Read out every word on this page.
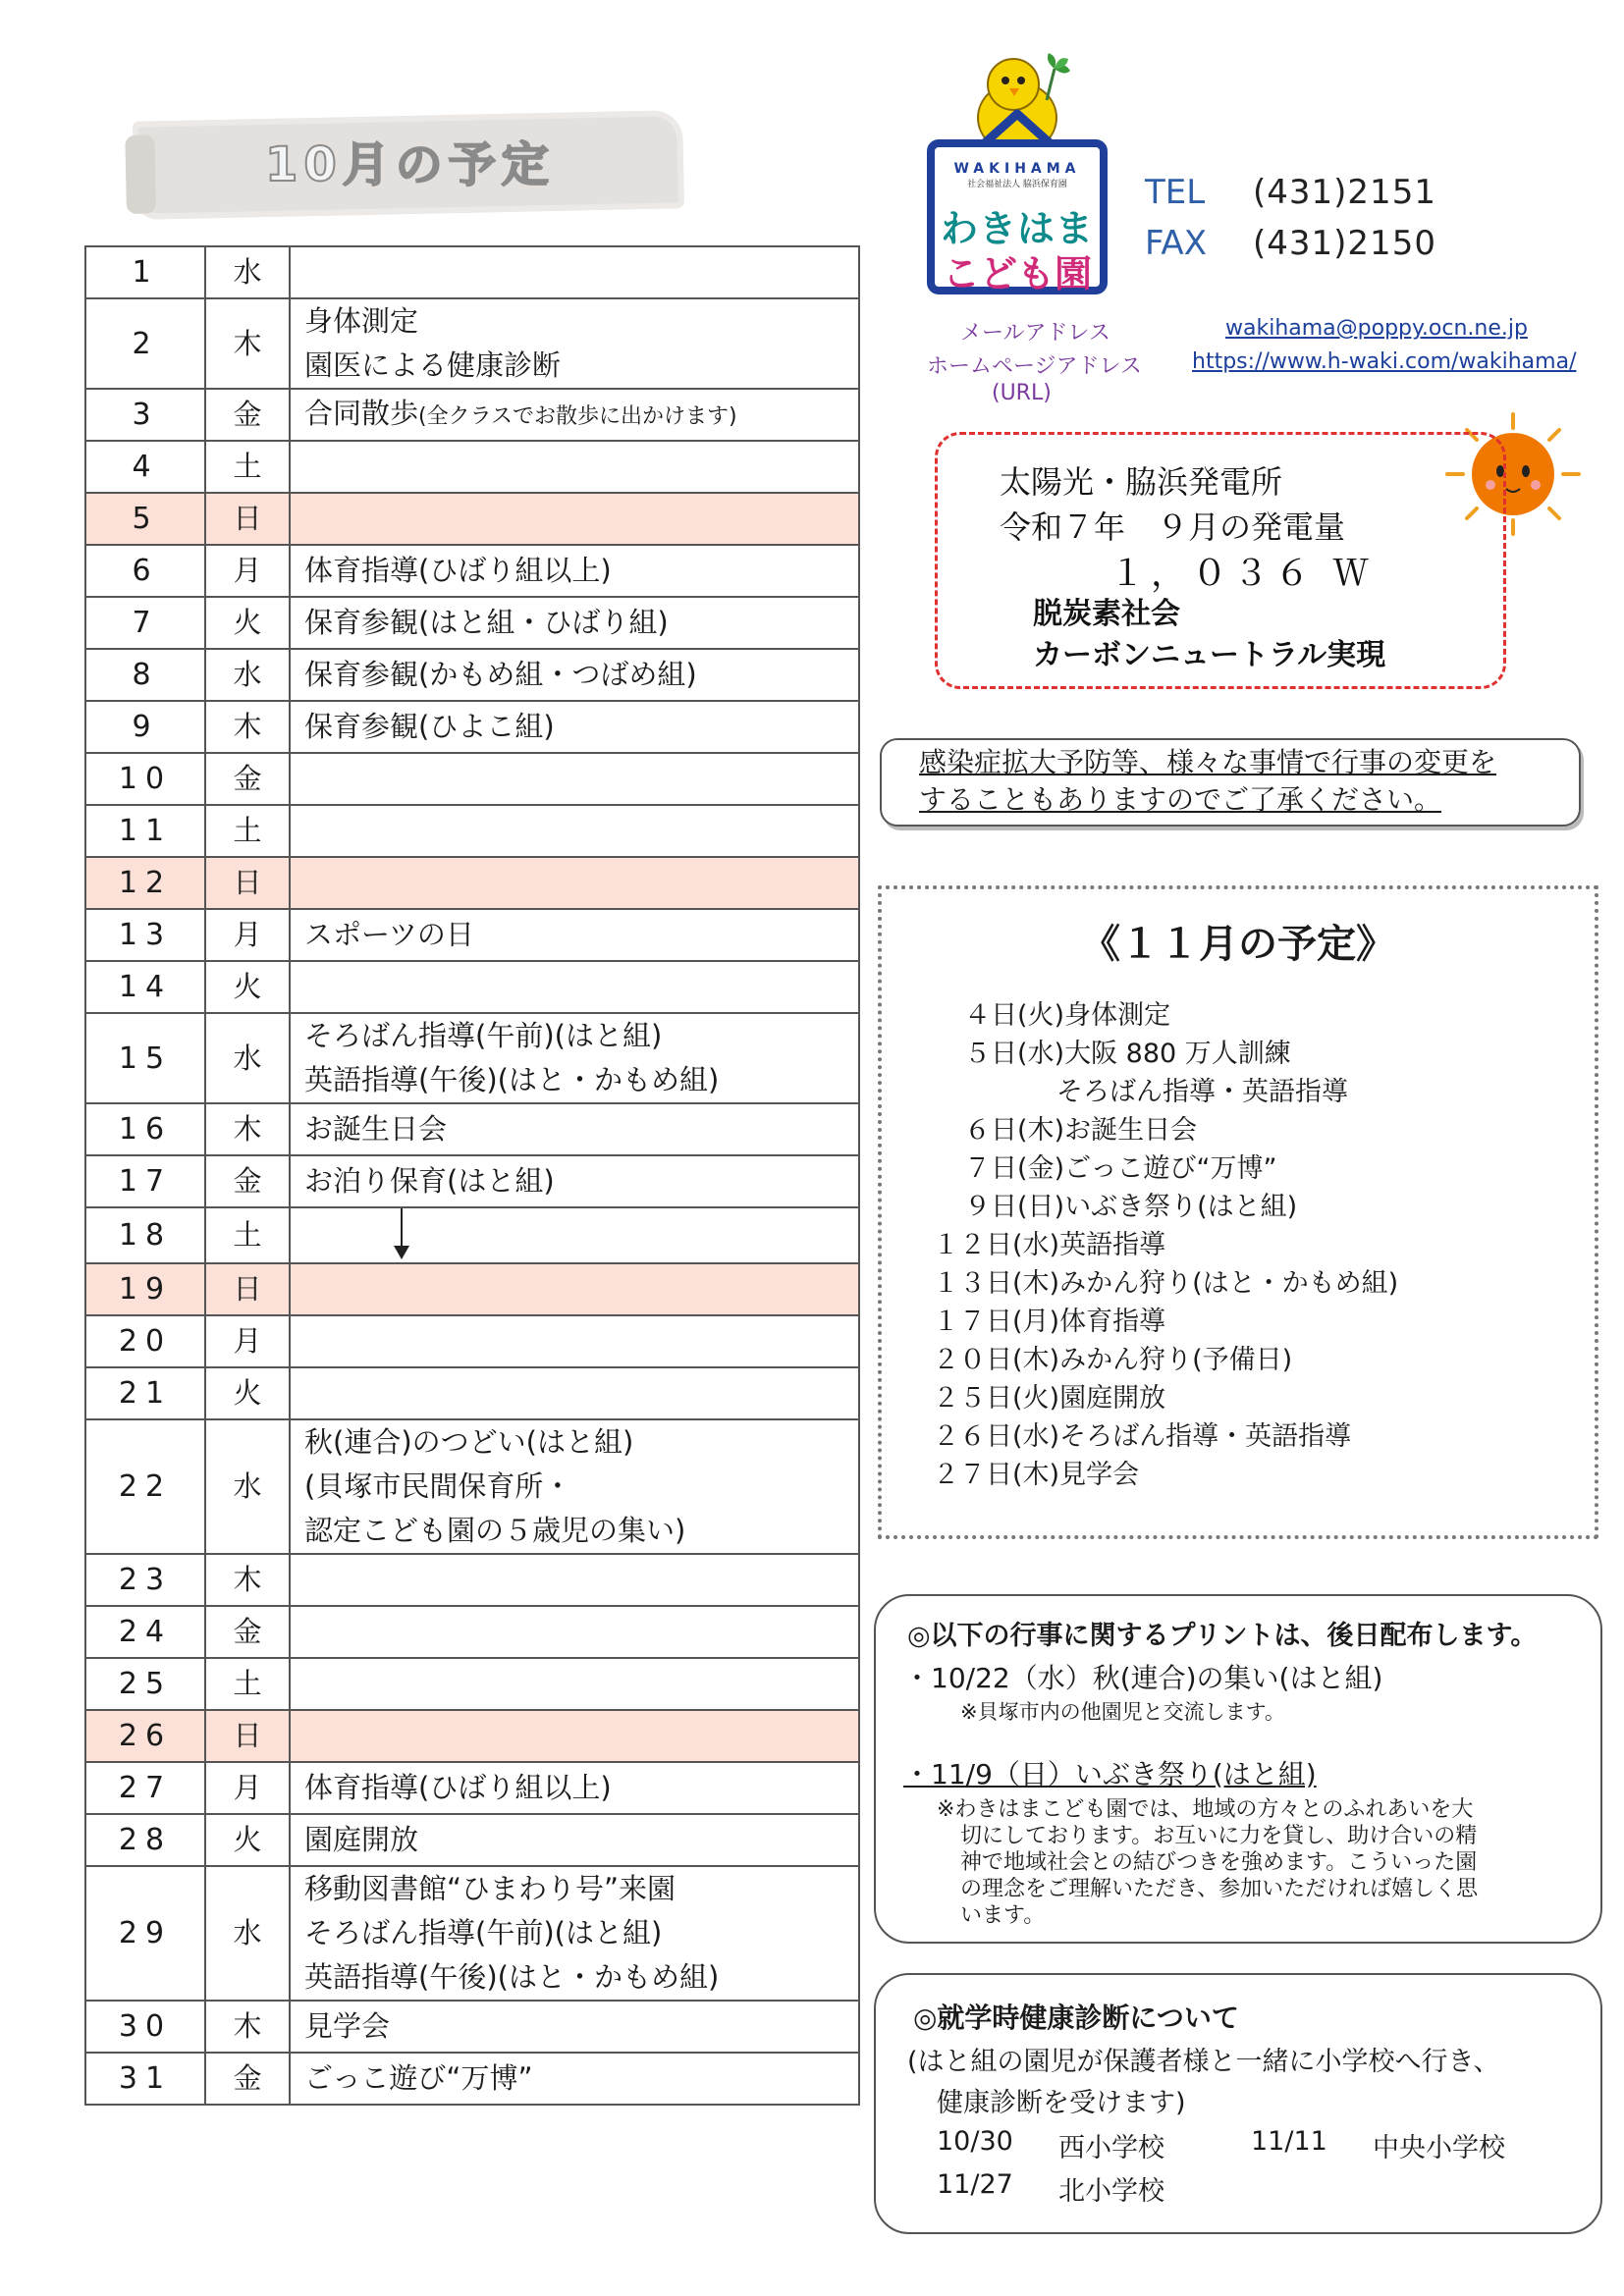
10月の予定
1	水	
2	木	身体測定
園医による健康診断

3	金	合同散歩(全クラスでお散歩に出かけます)

4	土	
5	日	
6	月	体育指導(ひばり組以上)

7	火	保育参観(はと組・ひばり組)

8	水	保育参観(かもめ組・つばめ組)

9	木	保育参観(ひよこ組)

10	金	
11	土	
12	日	
13	月	スポーツの日

14	火	
15	水	そろばん指導(午前)(はと組)
英語指導(午後)(はと・かもめ組)

16	木	お誕生日会

17	金	お泊り保育(はと組)

18	土	

19	日	
20	月	
21	火	
22	水	秋(連合)のつどい(はと組)
(貝塚市民間保育所・
認定こども園の５歳児の集い)

23	木	
24	金	
25	土	
26	日	
27	月	体育指導(ひばり組以上)

28	火	園庭開放

29	水	移動図書館“ひまわり号”来園
そろばん指導(午前)(はと組)
英語指導(午後)(はと・かもめ組)

30	木	見学会

31	金	ごっこ遊び“万博”
WAKIHAMA
社会福祉法人 脇浜保育園
わきはま
こども園
TEL (431)2151
FAX (431)2150
メールアドレス	wakihama@poppy.ocn.ne.jp
ホームページアドレス https://www.h-waki.com/wakihama/
(URL)
太陽光・脇浜発電所
令和７年　９月の発電量
１，０３６ Ｗ
脱炭素社会
カーボンニュートラル実現
感染症拡大予防等、様々な事情で行事の変更を
することもありますのでご了承ください。
《１１月の予定》
４日(火)身体測定
５日(水)大阪 880 万人訓練
そろばん指導・英語指導
６日(木)お誕生日会
７日(金)ごっこ遊び“万博”
９日(日)いぶき祭り(はと組)
１２日(水)英語指導
１３日(木)みかん狩り(はと・かもめ組)
１７日(月)体育指導
２０日(木)みかん狩り(予備日)
２５日(火)園庭開放
２６日(水)そろばん指導・英語指導
２７日(木)見学会
◎以下の行事に関するプリントは、後日配布します。
・10/22（水）秋(連合)の集い(はと組)
※貝塚市内の他園児と交流します。
・11/9（日）いぶき祭り(はと組)
※わきはまこども園では、地域の方々とのふれあいを大
切にしております。お互いに力を貸し、助け合いの精
神で地域社会との結びつきを強めます。こういった園
の理念をご理解いただき、参加いただければ嬉しく思
います。
◎就学時健康診断について
(はと組の園児が保護者様と一緒に小学校へ行き、
健康診断を受けます)
10/30 西小学校	11/11 中央小学校
11/27 北小学校
